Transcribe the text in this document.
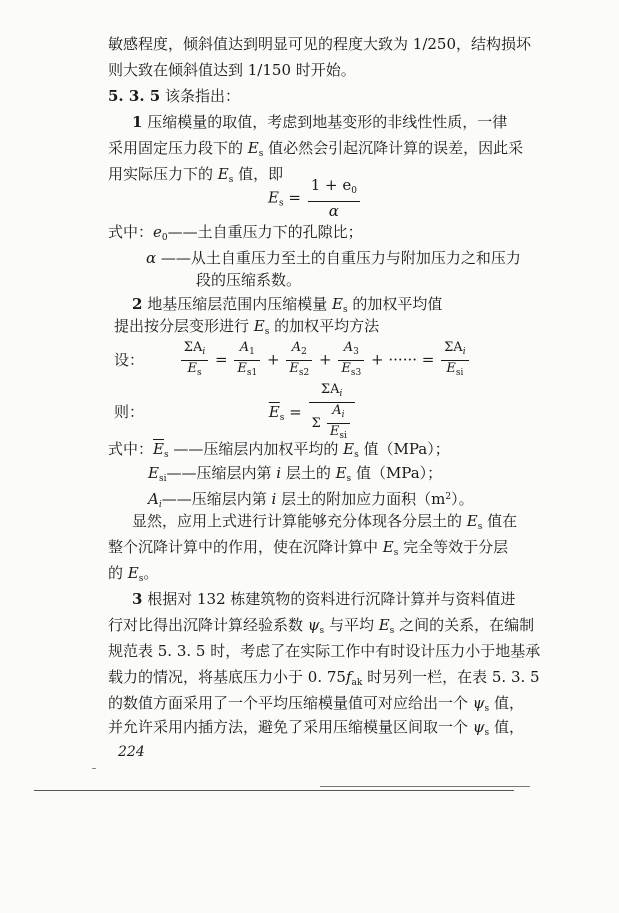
敏感程度，倾斜值达到明显可见的程度大致为 1/250，结构损坏
则大致在倾斜值达到 1/150 时开始。
5. 3. 5 该条指出：
1 压缩模量的取值，考虑到地基变形的非线性性质，一律
采用固定压力段下的 $E_s$ 值必然会引起沉降计算的误差，因此采
用实际压力下的 $E_s$ 值，即
$E_s = \frac{1 + e_0}{\alpha}$
式中：$e_0——$土自重压力下的孔隙比；
α ——从土自重压力至土的自重压力与附加压力之和压力
段的压缩系数。
2 地基压缩层范围内压缩模量 $E_s$ 的加权平均值
提出按分层变形进行 $E_s$ 的加权平均方法
设：	$\frac{\Sigma A_i}{E_s} = \frac{A_1}{E_{s1}} + \frac{A_2}{E_{s2}} + \frac{A_3}{E_{s3}}$ + ······ = $\frac{\Sigma A_i}{E_{si}}$
则：	$\overline{E}_s = \frac{\Sigma A_i}{\Sigma \frac{A_i}{E_{si}}}$
式中：$\overline{E}_s$ ——压缩层内加权平均的 $E_s$ 值（MPa）；
$E_{si}——$压缩层内第 i 层土的 $E_s$ 值（MPa）；
$A_i——$压缩层内第 i 层土的附加应力面积$(m^2)$。
显然，应用上式进行计算能够充分体现各分层土的 $E_s$ 值在
整个沉降计算中的作用，使在沉降计算中 $E_s$ 完全等效于分层
的 $E_s$。
3 根据对 132 栋建筑物的资料进行沉降计算并与资料值进
行对比得出沉降计算经验系数 $\psi_s$ 与平均 $E_s$ 之间的关系，在编制
规范表 5. 3. 5 时，考虑了在实际工作中有时设计压力小于地基承
载力的情况，将基底压力小于 0. $75f_{ak}$ 时另列一栏，在表 5. 3. 5
的数值方面采用了一个平均压缩模量值可对应给出一个 $\psi_s$ 值，
并允许采用内插方法，避免了采用压缩模量区间取一个 $\psi_s$ 值，
224
